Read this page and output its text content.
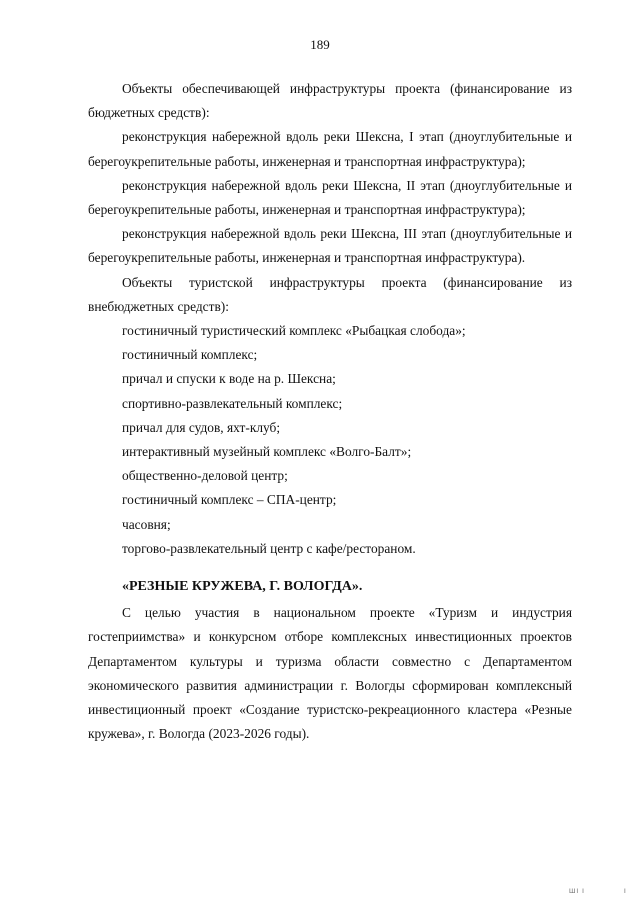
189

Объекты обеспечивающей инфраструктуры проекта (финансирование из бюджетных средств):

реконструкция набережной вдоль реки Шексна, I этап (дноуглубительные и берегоукрепительные работы, инженерная и транспортная инфраструктура);

реконструкция набережной вдоль реки Шексна, II этап (дноуглубительные и берегоукрепительные работы, инженерная и транспортная инфраструктура);

реконструкция набережной вдоль реки Шексна, III этап (дноуглубительные и берегоукрепительные работы, инженерная и транспортная инфраструктура).

Объекты туристской инфраструктуры проекта (финансирование из внебюджетных средств):

гостиничный туристический комплекс «Рыбацкая слобода»;

гостиничный комплекс;

причал и спуски к воде на р. Шексна;

спортивно-развлекательный комплекс;

причал для судов, яхт-клуб;

интерактивный музейный комплекс «Волго-Балт»;

общественно-деловой центр;

гостиничный комплекс – СПА-центр;

часовня;

торгово-развлекательный центр с кафе/рестораном.

«РЕЗНЫЕ КРУЖЕВА, Г. ВОЛОГДА».

С целью участия в национальном проекте «Туризм и индустрия гостеприимства» и конкурсном отборе комплексных инвестиционных проектов Департаментом культуры и туризма области совместно с Департаментом экономического развития администрации г. Вологды сформирован комплексный инвестиционный проект «Создание туристско-рекреационного кластера «Резные кружева», г. Вологда (2023-2026 годы).

ШІ І	І
